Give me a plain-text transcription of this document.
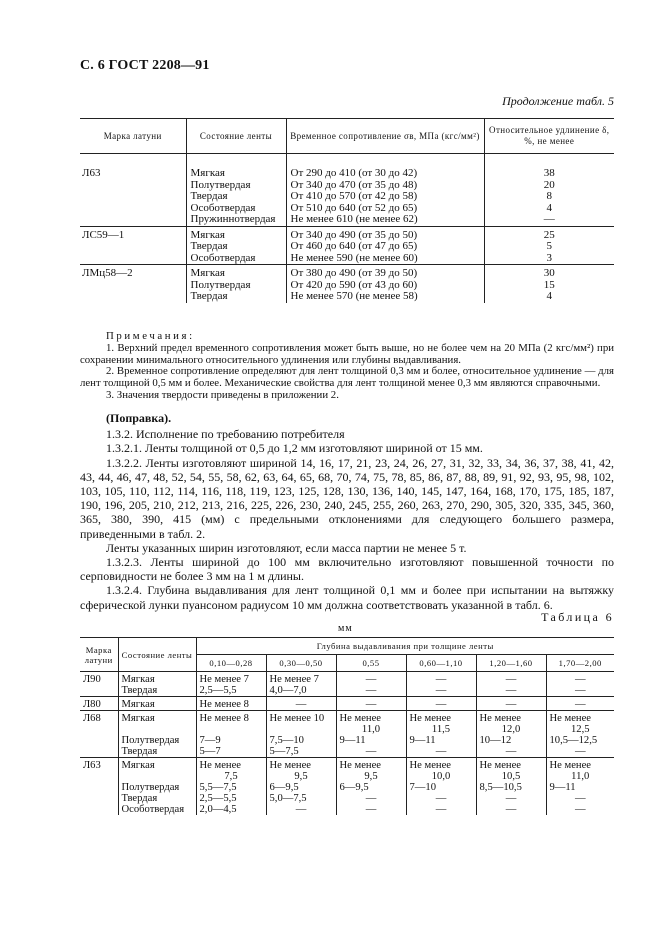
С. 6 ГОСТ 2208—91
Продолжение табл. 5
Марка латуни	Состояние ленты	Временное сопротивление σв, МПа (кгс/мм²)	Относительное удлинение δ, %, не менее
Л63	Мягкая	От 290 до 410 (от 30 до 42)	38
	Полутвердая	От 340 до 470 (от 35 до 48)	20
	Твердая	От 410 до 570 (от 42 до 58)	8
	Особотвердая	От 510 до 640 (от 52 до 65)	4
	Пружиннотвердая	Не менее 610 (не менее 62)	—
ЛС59—1	Мягкая	От 340 до 490 (от 35 до 50)	25
	Твердая	От 460 до 640 (от 47 до 65)	5
	Особотвердая	Не менее 590 (не менее 60)	3
ЛМц58—2	Мягкая	От 380 до 490 (от 39 до 50)	30
	Полутвердая	От 420 до 590 (от 43 до 60)	15
	Твердая	Не менее 570 (не менее 58)	4

Примечания:

1. Верхний предел временного сопротивления может быть выше, но не более чем на 20 МПа (2 кгс/мм²) при сохранении минимального относительного удлинения или глубины выдавливания.

2. Временное сопротивление определяют для лент толщиной 0,3 мм и более, относительное удлинение — для лент толщиной 0,5 мм и более. Механические свойства для лент толщиной менее 0,3 мм являются справочными.

3. Значения твердости приведены в приложении 2.

(Поправка).

1.3.2. Исполнение по требованию потребителя

1.3.2.1. Ленты толщиной от 0,5 до 1,2 мм изготовляют шириной от 15 мм.

1.3.2.2. Ленты изготовляют шириной 14, 16, 17, 21, 23, 24, 26, 27, 31, 32, 33, 34, 36, 37, 38, 41, 42, 43, 44, 46, 47, 48, 52, 54, 55, 58, 62, 63, 64, 65, 68, 70, 74, 75, 78, 85, 86, 87, 88, 89, 91, 92, 93, 95, 98, 102, 103, 105, 110, 112, 114, 116, 118, 119, 123, 125, 128, 130, 136, 140, 145, 147, 164, 168, 170, 175, 185, 187, 190, 196, 205, 210, 212, 213, 216, 225, 226, 230, 240, 245, 255, 260, 263, 270, 290, 305, 320, 335, 345, 360, 365, 380, 390, 415 (мм) с предельными отклонениями для следующего большего размера, приведенными в табл. 2.

Ленты указанных ширин изготовляют, если масса партии не менее 5 т.

1.3.2.3. Ленты шириной до 100 мм включительно изготовляют повышенной точности по серповидности не более 3 мм на 1 м длины.

1.3.2.4. Глубина выдавливания для лент толщиной 0,1 мм и более при испытании на вытяжку сферической лунки пуансоном радиусом 10 мм должна соответствовать указанной в табл. 6.

Таблица 6
мм
Марка латуни	Состояние ленты	Глубина выдавливания при толщине ленты					
		0,10—0,28	0,30—0,50	0,55	0,60—1,10	1,20—1,60	1,70—2,00
Л90	Мягкая	Не менее 7	Не менее 7	—	—	—	—
	Твердая	2,5—5,5	4,0—7,0	—	—	—	—
Л80	Мягкая	Не менее 8	—	—	—	—	—
Л68	Мягкая	Не менее 8	Не менее 10	Не менее	Не менее	Не менее	Не менее
				11,0	11,5	12,0	12,5
	Полутвердая	7—9	7,5—10	9—11	9—11	10—12	10,5—12,5
	Твердая	5—7	5—7,5	—	—	—	—
Л63	Мягкая	Не менее	Не менее	Не менее	Не менее	Не менее	Не менее
		7,5	9,5	9,5	10,0	10,5	11,0
	Полутвердая	5,5—7,5	6—9,5	6—9,5	7—10	8,5—10,5	9—11
	Твердая	2,5—5,5	5,0—7,5	—	—	—	—
	Особотвердая	2,0—4,5	—	—	—	—	—
